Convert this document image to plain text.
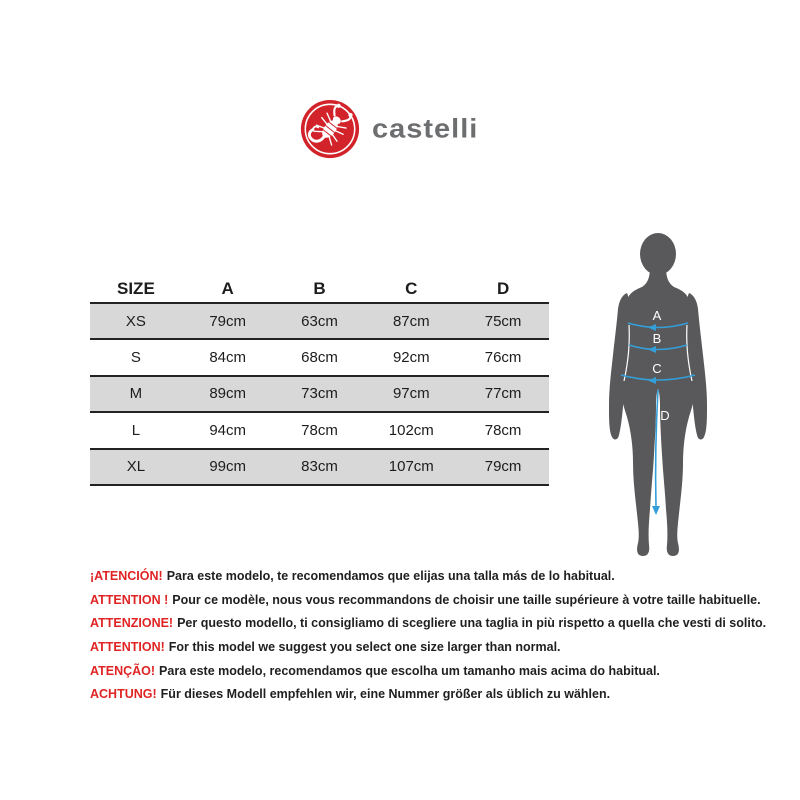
castelli
SIZE	A	B	C	D
XS	79cm	63cm	87cm	75cm
S	84cm	68cm	92cm	76cm
M	89cm	73cm	97cm	77cm
L	94cm	78cm	102cm	78cm
XL	99cm	83cm	107cm	79cm
A
B
C
D
¡ATENCIÓN! Para este modelo, te recomendamos que elijas una talla más de lo habitual.
ATTENTION ! Pour ce modèle, nous vous recommandons de choisir une taille supérieure à votre taille habituelle.
ATTENZIONE! Per questo modello, ti consigliamo di scegliere una taglia in più rispetto a quella che vesti di solito.
ATTENTION! For this model we suggest you select one size larger than normal.
ATENÇÃO! Para este modelo, recomendamos que escolha um tamanho mais acima do habitual.
ACHTUNG! Für dieses Modell empfehlen wir, eine Nummer größer als üblich zu wählen.
